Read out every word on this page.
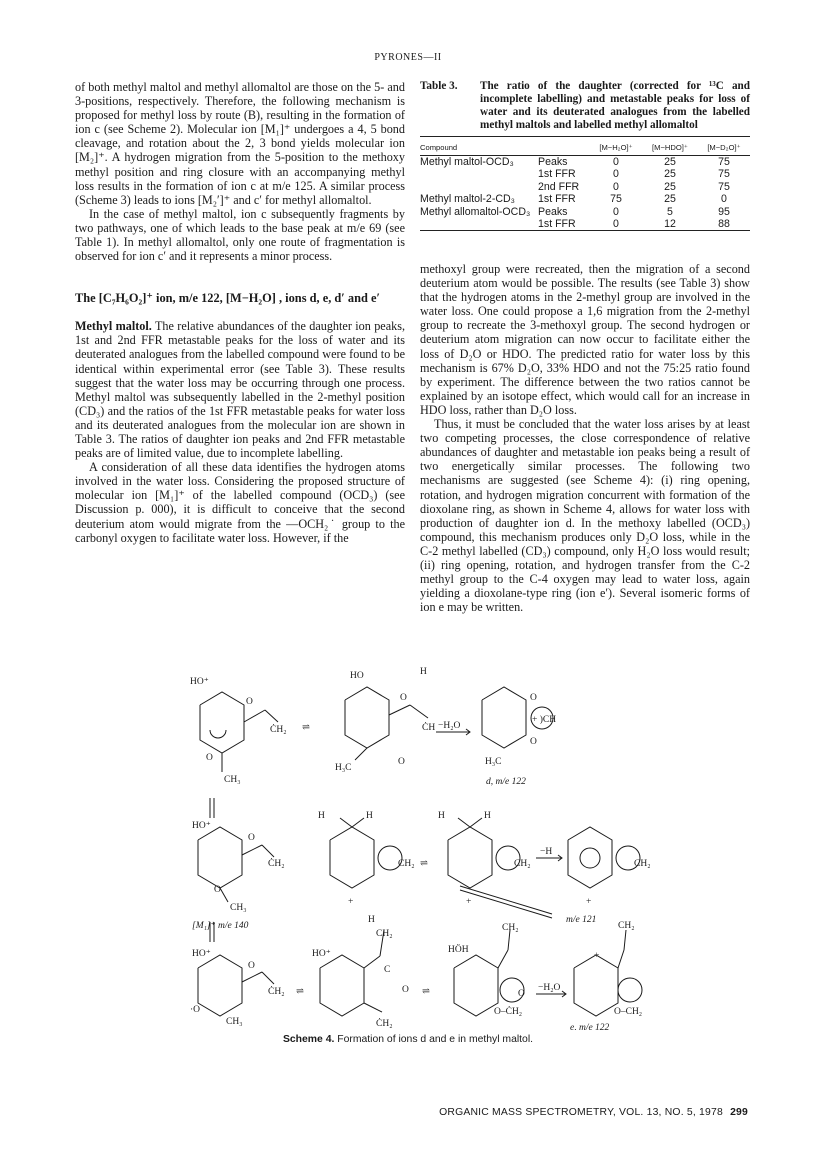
PYRONES—II

of both methyl maltol and methyl allomaltol are those on the 5- and 3-positions, respectively. Therefore, the following mechanism is proposed for methyl loss by route (B), resulting in the formation of ion c (see Scheme 2). Molecular ion [M₁]⁺ undergoes a 4, 5 bond cleavage, and rotation about the 2, 3 bond yields molecular ion [M₂]⁺. A hydrogen migration from the 5-position to the methoxy methyl position and ring closure with an accompanying methyl loss results in the formation of ion c at m/e 125. A similar process (Scheme 3) leads to ions [M₂′]⁺ and c′ for methyl allomaltol.

In the case of methyl maltol, ion c subsequently fragments by two pathways, one of which leads to the base peak at m/e 69 (see Table 1). In methyl allomaltol, only one route of fragmentation is observed for ion c′ and it represents a minor process.

The [C₇H₆O₂]⁺ ion, m/e 122, [M−H₂O] , ions d, e, d′ and e′

Methyl maltol. The relative abundances of the daughter ion peaks, 1st and 2nd FFR metastable peaks for the loss of water and its deuterated analogues from the labelled compound were found to be identical within experimental error (see Table 3). These results suggest that the water loss may be occurring through one process. Methyl maltol was subsequently labelled in the 2-methyl position (CD₃) and the ratios of the 1st FFR metastable peaks for water loss and its deuterated analogues from the molecular ion are shown in Table 3. The ratios of daughter ion peaks and 2nd FFR metastable peaks are of limited value, due to incomplete labelling.

A consideration of all these data identifies the hydrogen atoms involved in the water loss. Considering the proposed structure of molecular ion [M₁]⁺ of the labelled compound (OCD₃) (see Discussion p. 000), it is difficult to conceive that the second deuterium atom would migrate from the —OCH₂˙ group to the carbonyl oxygen to facilitate water loss. However, if the

Table 3.	The ratio of the daughter (corrected for ¹³C and incomplete labelling) and metastable peaks for loss of water and its deuterated analogues from the labelled methyl maltols and labelled methyl allomaltol
Compound		[M−H₂O]⁺	[M−HDO]⁺	[M−D₂O]⁺
Methyl maltol-OCD₃	Peaks	0	25	75
	1st FFR	0	25	75
	2nd FFR	0	25	75
Methyl maltol-2-CD₃	1st FFR	75	25	0
Methyl allomaltol-OCD₃	Peaks	0	5	95
	1st FFR	0	12	88

methoxyl group were recreated, then the migration of a second deuterium atom would be possible. The results (see Table 3) show that the hydrogen atoms in the 2-methyl group are involved in the water loss. One could propose a 1,6 migration from the 2-methyl group to recreate the 3-methoxyl group. The second hydrogen or deuterium atom migration can now occur to facilitate either the loss of D₂O or HDO. The predicted ratio for water loss by this mechanism is 67% D₂O, 33% HDO and not the 75:25 ratio found by experiment. The difference between the two ratios cannot be explained by an isotope effect, which would call for an increase in HDO loss, rather than D₂O loss.

Thus, it must be concluded that the water loss arises by at least two competing processes, the close correspondence of relative abundances of daughter and metastable ion peaks being a result of two energetically similar processes. The following two mechanisms are suggested (see Scheme 4): (i) ring opening, rotation, and hydrogen migration concurrent with formation of the dioxolane ring, as shown in Scheme 4, allows for water loss with production of daughter ion d. In the methoxy labelled (OCD₃) compound, this mechanism produces only D₂O loss, while in the C-2 methyl labelled (CD₃) compound, only H₂O loss would result; (ii) ring opening, rotation, and hydrogen transfer from the C-2 methyl group to the C-4 oxygen may lead to water loss, again yielding a dioxolane-type ring (ion e′). Several isomeric forms of ion e may be written.

HO⁺
O
ĊH₂
O
CH₃
⇌
HO	H
O
ĊH
H₃C
O
−H₂O
+ )CH
O
O
H₃C
d, m/e 122
HO⁺
O
ĊH₂
CH₃
O
[M₁]⁺ m/e 140
H	H
CH₂
+
⇌
H	H
CH₂
+
−H
CH₂
+
m/e 121
HO⁺
O
ĊH₂
·O
CH₃
⇌
HO⁺
H
CH₂
C
O
ĊH₂
⇌
HÖH
CH₂
O
O–ĊH₂
−H₂O
CH₂
+
O–CH₂
e, m/e 122
Scheme 4. Formation of ions d and e in methyl maltol.
ORGANIC MASS SPECTROMETRY, VOL. 13, NO. 5, 1978 299
